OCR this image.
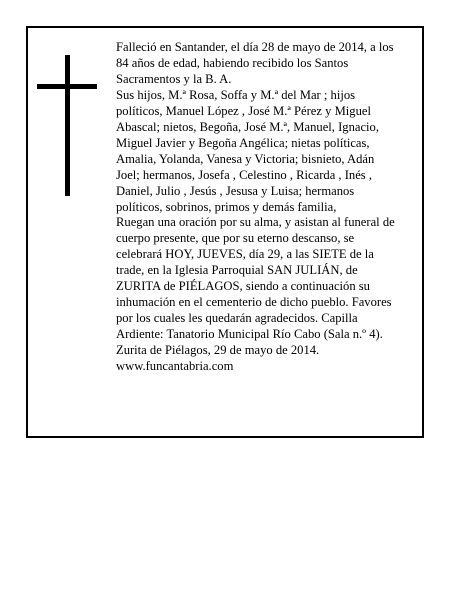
Falleció en Santander, el día 28 de mayo de 2014, a los
84 años de edad, habiendo recibido los Santos
Sacramentos y la B. A.
Sus hijos, M.ª Rosa, Soffa y M.ª del Mar ; hijos
políticos, Manuel López , José M.ª Pérez y Miguel
Abascal; nietos, Begoña, José M.ª, Manuel, Ignacio,
Miguel Javier y Begoña Angélica; nietas políticas,
Amalia, Yolanda, Vanesa y Victoria; bisnieto, Adán
Joel; hermanos, Josefa , Celestino , Ricarda , Inés ,
Daniel, Julio , Jesús , Jesusa y Luisa; hermanos
políticos, sobrinos, primos y demás familia,
Ruegan una oración por su alma, y asistan al funeral de
cuerpo presente, que por su eterno descanso, se
celebrará HOY, JUEVES, día 29, a las SIETE de la
trade, en la Iglesia Parroquial SAN JULIÁN, de
ZURITA de PIÉLAGOS, siendo a continuación su
inhumación en el cementerio de dicho pueblo. Favores
por los cuales les quedarán agradecidos. Capilla
Ardiente: Tanatorio Municipal Río Cabo (Sala n.º 4).
Zurita de Piélagos, 29 de mayo de 2014.
www.funcantabria.com
